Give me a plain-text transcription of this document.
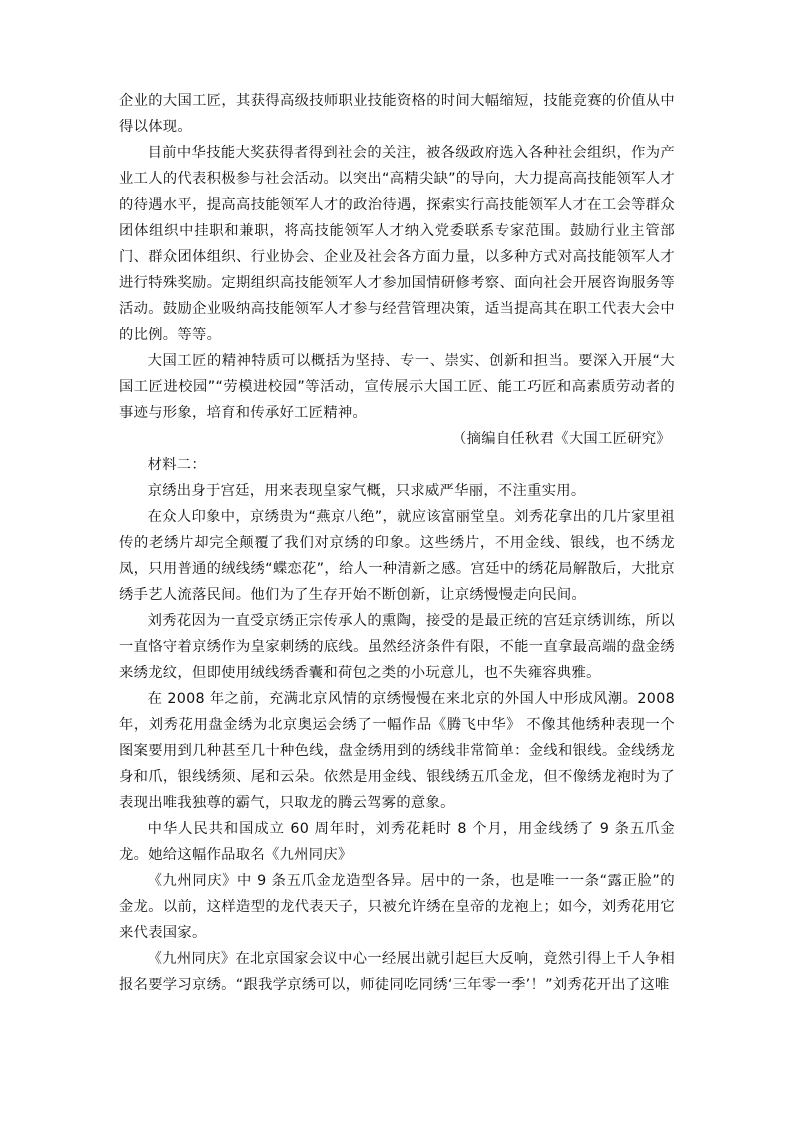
企业的大国工匠，其获得高级技师职业技能资格的时间大幅缩短，技能竞赛的价值从中得以体现。

目前中华技能大奖获得者得到社会的关注，被各级政府选入各种社会组织，作为产业工人的代表积极参与社会活动。以突出“高精尖缺”的导向，大力提高高技能领军人才的待遇水平，提高高技能领军人才的政治待遇，探索实行高技能领军人才在工会等群众团体组织中挂职和兼职，将高技能领军人才纳入党委联系专家范围。鼓励行业主管部门、群众团体组织、行业协会、企业及社会各方面力量，以多种方式对高技能领军人才进行特殊奖励。定期组织高技能领军人才参加国情研修考察、面向社会开展咨询服务等活动。鼓励企业吸纳高技能领军人才参与经营管理决策，适当提高其在职工代表大会中的比例。等等。

大国工匠的精神特质可以概括为坚持、专一、崇实、创新和担当。要深入开展“大国工匠进校园”“劳模进校园”等活动，宣传展示大国工匠、能工巧匠和高素质劳动者的事迹与形象，培育和传承好工匠精神。

（摘编自任秋君《大国工匠研究》

材料二：

京绣出身于宫廷，用来表现皇家气概，只求威严华丽，不注重实用。

在众人印象中，京绣贵为“燕京八绝”，就应该富丽堂皇。刘秀花拿出的几片家里祖传的老绣片却完全颠覆了我们对京绣的印象。这些绣片，不用金线、银线，也不绣龙凤，只用普通的绒线绣“蝶恋花”，给人一种清新之感。宫廷中的绣花局解散后，大批京绣手艺人流落民间。他们为了生存开始不断创新，让京绣慢慢走向民间。

刘秀花因为一直受京绣正宗传承人的熏陶，接受的是最正统的宫廷京绣训练，所以一直恪守着京绣作为皇家刺绣的底线。虽然经济条件有限，不能一直拿最高端的盘金绣来绣龙纹，但即使用绒线绣香囊和荷包之类的小玩意儿，也不失雍容典雅。

在 2008 年之前，充满北京风情的京绣慢慢在来北京的外国人中形成风潮。2008 年，刘秀花用盘金绣为北京奥运会绣了一幅作品《腾飞中华》 不像其他绣种表现一个图案要用到几种甚至几十种色线，盘金绣用到的绣线非常简单：金线和银线。金线绣龙身和爪，银线绣须、尾和云朵。依然是用金线、银线绣五爪金龙，但不像绣龙袍时为了表现出唯我独尊的霸气，只取龙的腾云驾雾的意象。

中华人民共和国成立 60 周年时，刘秀花耗时 8 个月，用金线绣了 9 条五爪金龙。她给这幅作品取名《九州同庆》

《九州同庆》中 9 条五爪金龙造型各异。居中的一条，也是唯一一条“露正脸”的金龙。以前，这样造型的龙代表天子，只被允许绣在皇帝的龙袍上；如今，刘秀花用它来代表国家。

《九州同庆》在北京国家会议中心一经展出就引起巨大反响，竟然引得上千人争相报名要学习京绣。“跟我学京绣可以，师徒同吃同绣‘三年零一季’！”刘秀花开出了这唯
